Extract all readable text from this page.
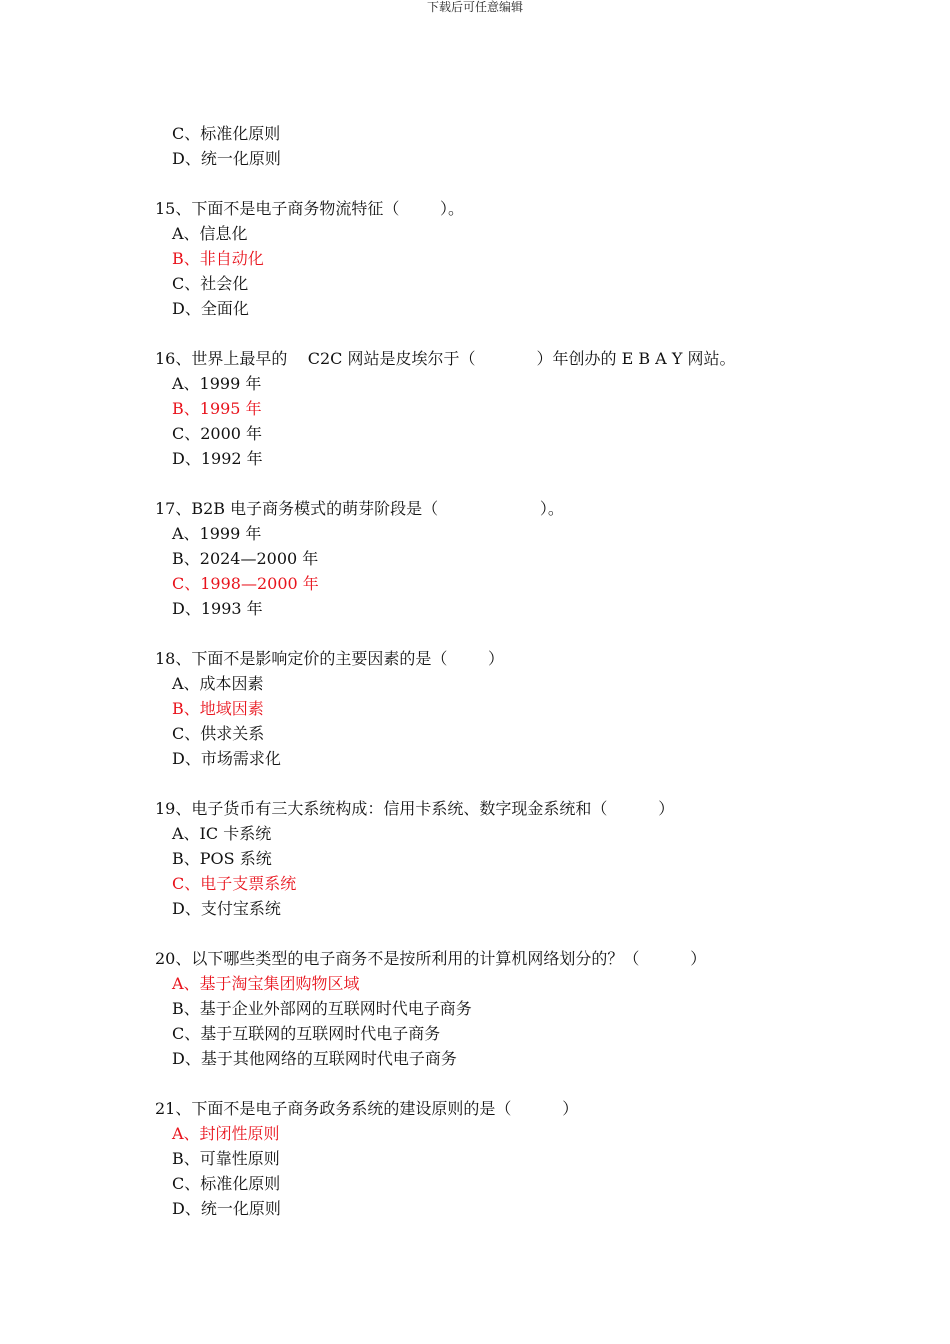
下载后可任意编辑
C、标准化原则
D、统一化原则
15、下面不是电子商务物流特征（        ）。
A、信息化
B、非自动化
C、社会化
D、全面化
16、世界上最早的    C2C 网站是皮埃尔于（            ）年创办的 E B A Y 网站。
A、1999 年
B、1995 年
C、2000 年
D、1992 年
17、B2B 电子商务模式的萌芽阶段是（                    ）。
A、1999 年
B、2024—2000 年
C、1998—2000 年
D、1993 年
18、下面不是影响定价的主要因素的是（        ）
A、成本因素
B、地域因素
C、供求关系
D、市场需求化
19、电子货币有三大系统构成：信用卡系统、数字现金系统和（          ）
A、IC 卡系统
B、POS 系统
C、电子支票系统
D、支付宝系统
20、以下哪些类型的电子商务不是按所利用的计算机网络划分的？（          ）
A、基于淘宝集团购物区域
B、基于企业外部网的互联网时代电子商务
C、基于互联网的互联网时代电子商务
D、基于其他网络的互联网时代电子商务
21、下面不是电子商务政务系统的建设原则的是（          ）
A、封闭性原则
B、可靠性原则
C、标准化原则
D、统一化原则
